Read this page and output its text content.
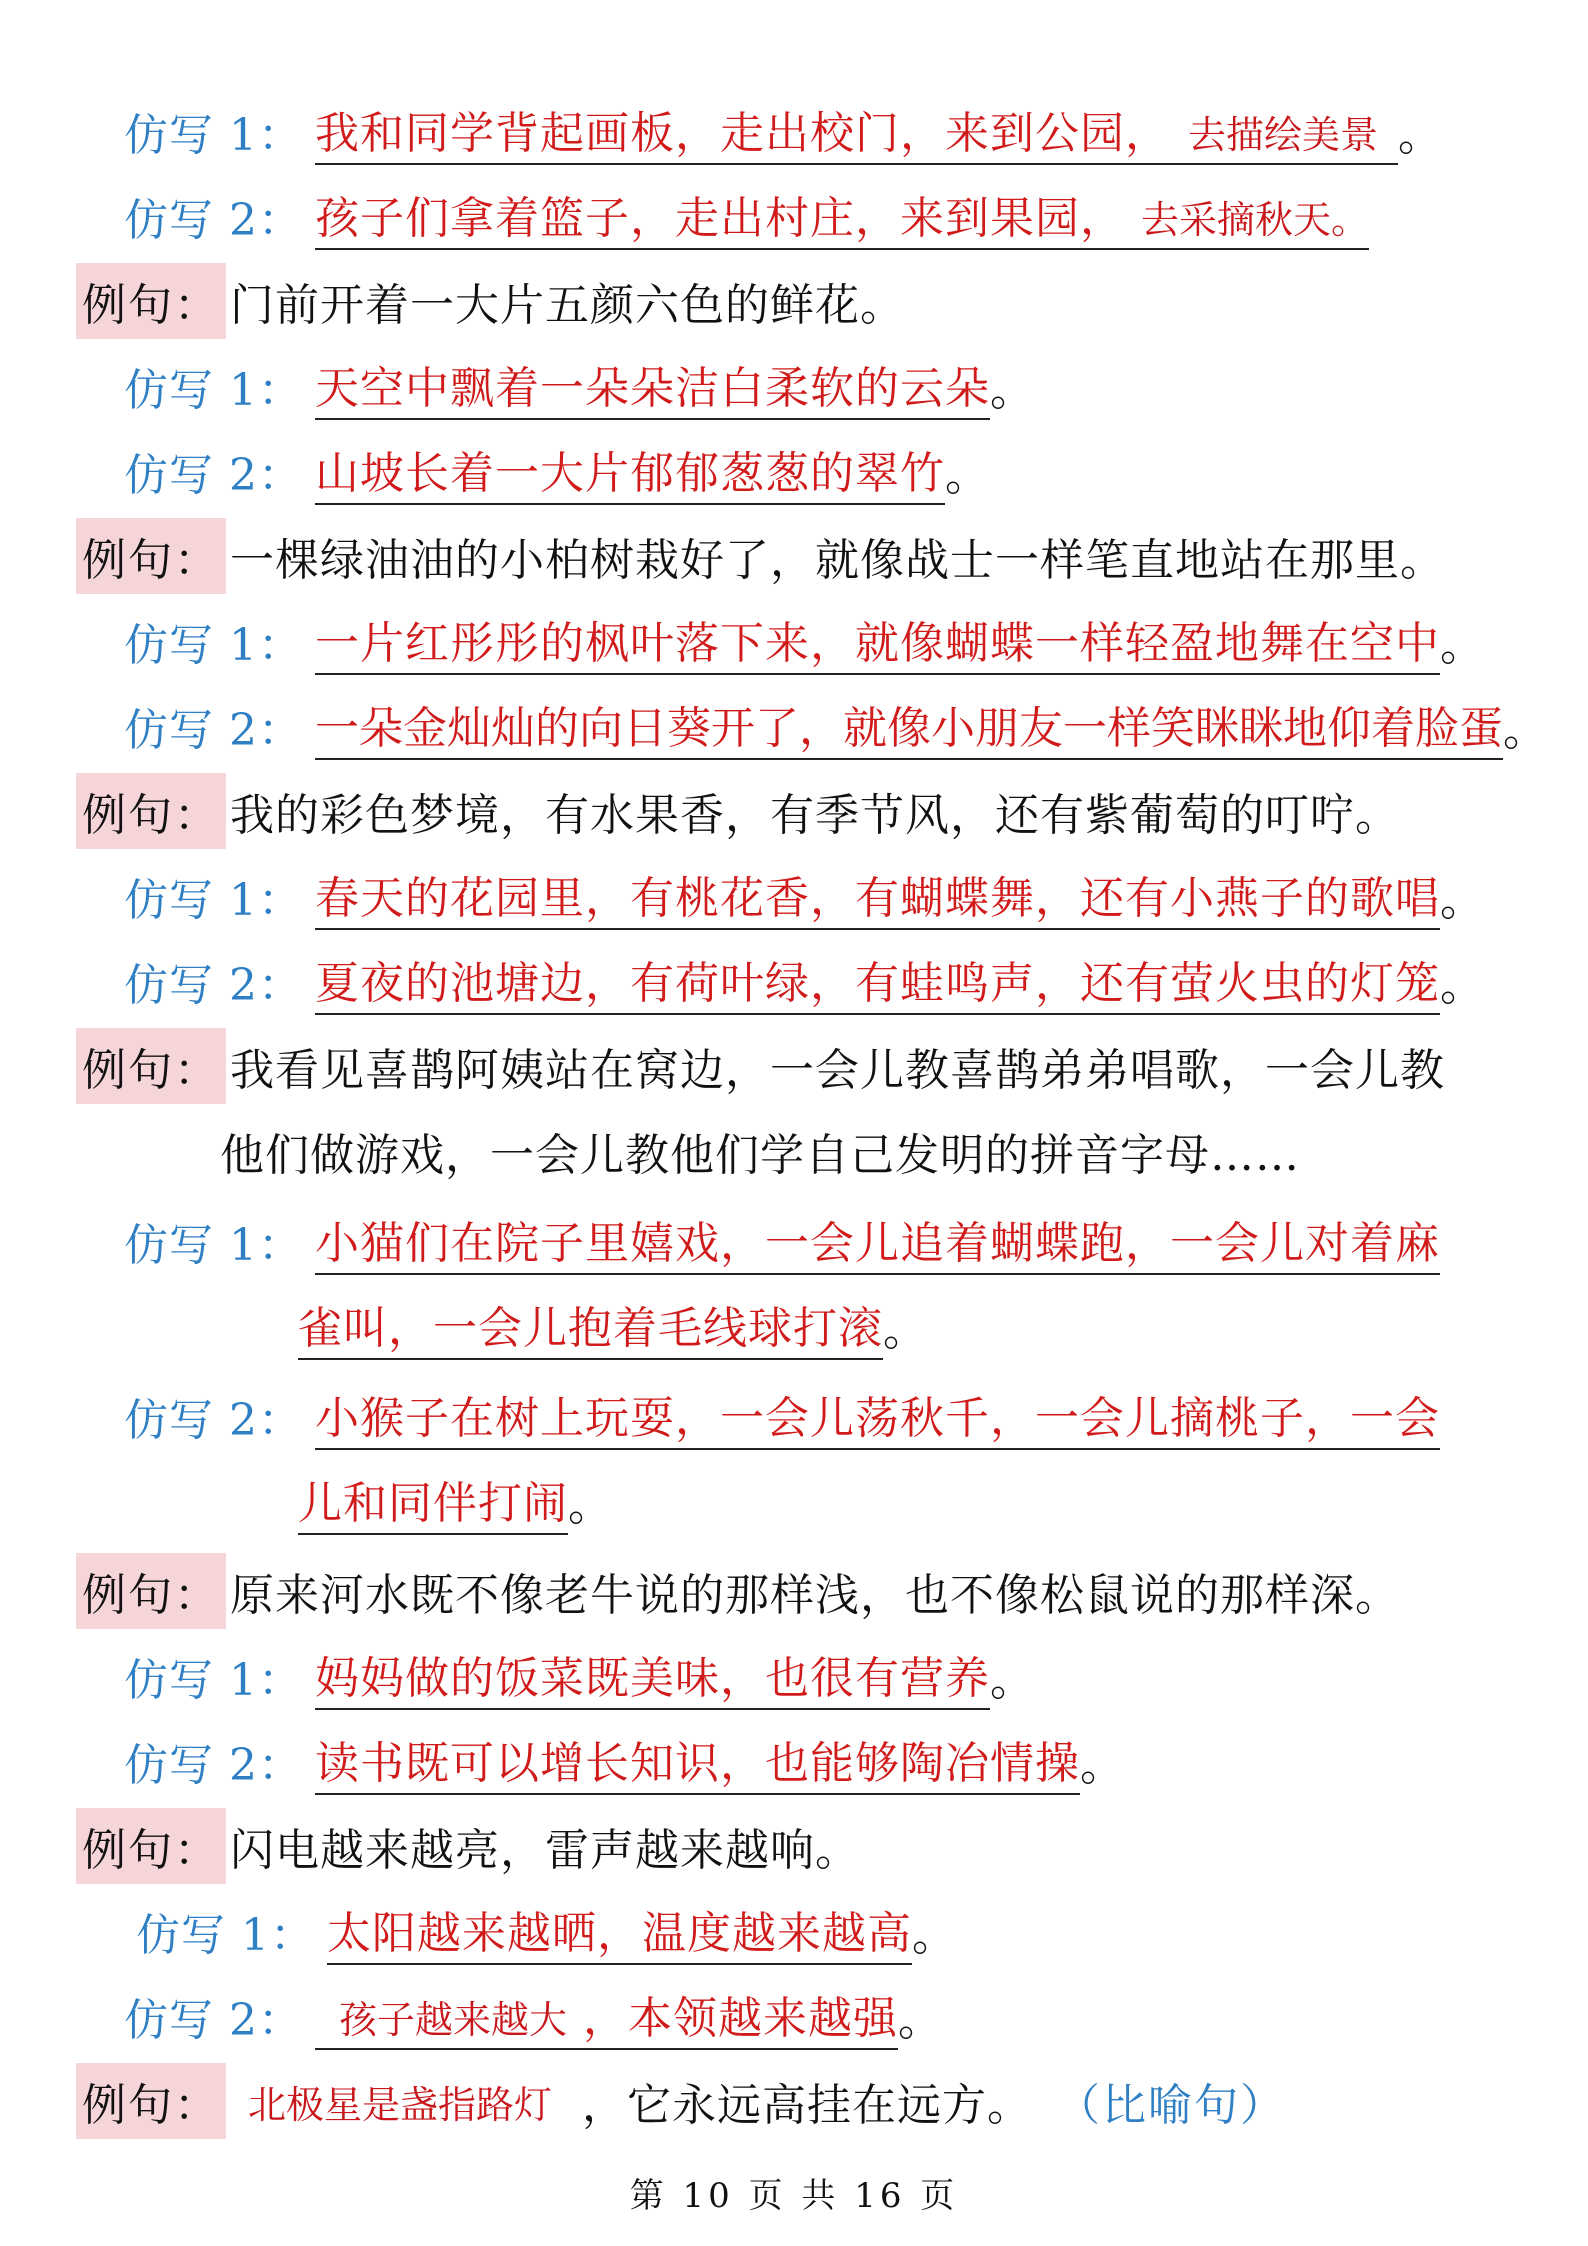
仿写 1： 我和同学背起画板，走出校门，来到公园， 去描绘美景 。
仿写 2： 孩子们拿着篮子，走出村庄，来到果园， 去采摘秋天。
例句： 门前开着一大片五颜六色的鲜花。
仿写 1： 天空中飘着一朵朵洁白柔软的云朵 。
仿写 2： 山坡长着一大片郁郁葱葱的翠竹 。
例句： 一棵绿油油的小柏树栽好了，就像战士一样笔直地站在那里。
仿写 1： 一片红彤彤的枫叶落下来，就像蝴蝶一样轻盈地舞在空中 。
仿写 2： 一朵金灿灿的向日葵开了，就像小朋友一样笑眯眯地仰着脸蛋 。
例句： 我的彩色梦境，有水果香，有季节风，还有紫葡萄的叮咛。
仿写 1： 春天的花园里，有桃花香，有蝴蝶舞，还有小燕子的歌唱 。
仿写 2： 夏夜的池塘边，有荷叶绿，有蛙鸣声，还有萤火虫的灯笼 。
例句： 我看见喜鹊阿姨站在窝边，一会儿教喜鹊弟弟唱歌，一会儿教
他们做游戏，一会儿教他们学自己发明的拼音字母……
仿写 1： 小猫们在院子里嬉戏，一会儿追着蝴蝶跑，一会儿对着麻
雀叫，一会儿抱着毛线球打滚 。
仿写 2： 小猴子在树上玩耍，一会儿荡秋千，一会儿摘桃子，一会
儿和同伴打闹 。
例句： 原来河水既不像老牛说的那样浅，也不像松鼠说的那样深。
仿写 1： 妈妈做的饭菜既美味，也很有营养 。
仿写 2： 读书既可以增长知识，也能够陶冶情操 。
例句： 闪电越来越亮，雷声越来越响。
仿写 1： 太阳越来越晒，温度越来越高 。
仿写 2： 孩子越来越大 ，本领越来越强 。
例句： 北极星是盏指路灯 ，它永远高挂在远方。 （比喻句）
第 10 页 共 16 页
